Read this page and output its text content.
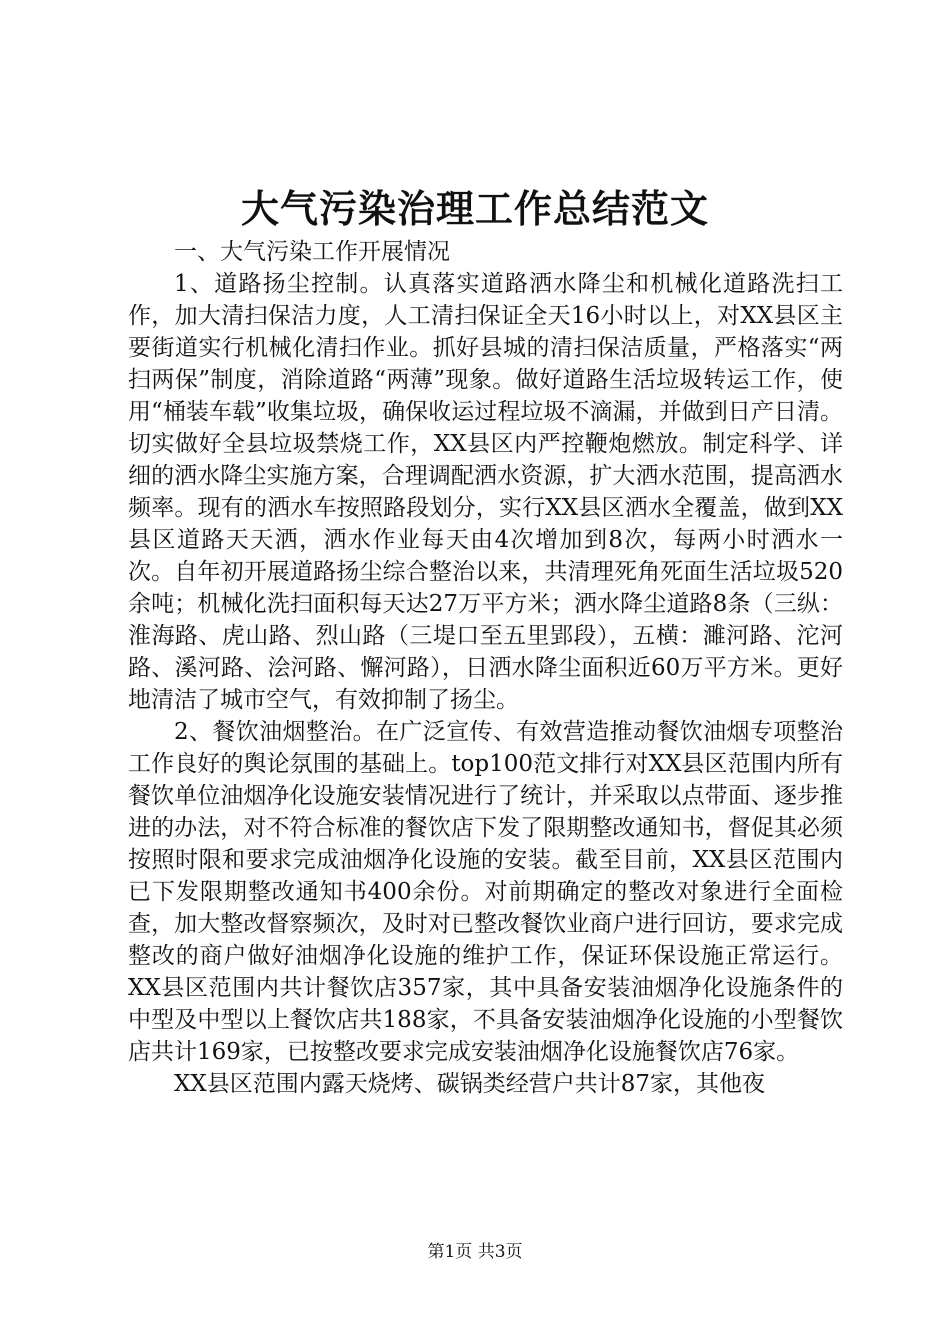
大气污染治理工作总结范文

一、大气污染工作开展情况

1、道路扬尘控制。认真落实道路洒水降尘和机械化道路洗扫工作，加大清扫保洁力度，人工清扫保证全天16小时以上，对XX县区主要街道实行机械化清扫作业。抓好县城的清扫保洁质量，严格落实“两扫两保”制度，消除道路“两薄”现象。做好道路生活垃圾转运工作，使用“桶装车载”收集垃圾，确保收运过程垃圾不滴漏，并做到日产日清。切实做好全县垃圾禁烧工作，XX县区内严控鞭炮燃放。制定科学、详细的洒水降尘实施方案，合理调配洒水资源，扩大洒水范围，提高洒水频率。现有的洒水车按照路段划分，实行XX县区洒水全覆盖，做到XX县区道路天天洒，洒水作业每天由4次增加到8次，每两小时洒水一次。自年初开展道路扬尘综合整治以来，共清理死角死面生活垃圾520余吨；机械化洗扫面积每天达27万平方米；洒水降尘道路8条（三纵：淮海路、虎山路、烈山路（三堤口至五里郢段），五横：濉河路、沱河路、溪河路、浍河路、懈河路），日洒水降尘面积近60万平方米。更好地清洁了城市空气，有效抑制了扬尘。

2、餐饮油烟整治。在广泛宣传、有效营造推动餐饮油烟专项整治工作良好的舆论氛围的基础上。top100范文排行对XX县区范围内所有餐饮单位油烟净化设施安装情况进行了统计，并采取以点带面、逐步推进的办法，对不符合标准的餐饮店下发了限期整改通知书，督促其必须按照时限和要求完成油烟净化设施的安装。截至目前，XX县区范围内已下发限期整改通知书400余份。对前期确定的整改对象进行全面检查，加大整改督察频次，及时对已整改餐饮业商户进行回访，要求完成整改的商户做好油烟净化设施的维护工作，保证环保设施正常运行。XX县区范围内共计餐饮店357家，其中具备安装油烟净化设施条件的中型及中型以上餐饮店共188家，不具备安装油烟净化设施的小型餐饮店共计169家，已按整改要求完成安装油烟净化设施餐饮店76家。

XX县区范围内露天烧烤、碳锅类经营户共计87家，其他夜

第1页 共3页
